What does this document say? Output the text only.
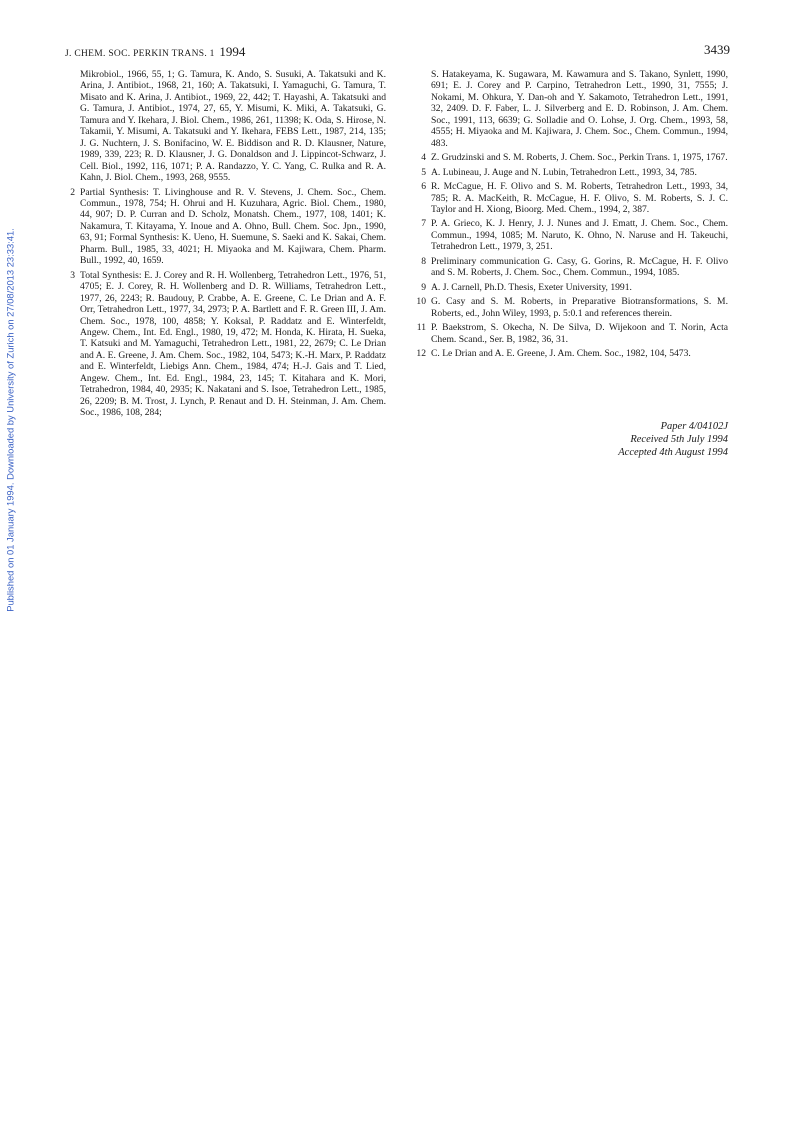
Published on 01 January 1994. Downloaded by University of Zurich on 27/08/2013 23:33:41.
J. CHEM. SOC. PERKIN TRANS. 1 1994	3439

Mikrobiol., 1966, 55, 1; G. Tamura, K. Ando, S. Susuki, A. Takatsuki and K. Arina, J. Antibiot., 1968, 21, 160; A. Takatsuki, I. Yamaguchi, G. Tamura, T. Misato and K. Arina, J. Antibiot., 1969, 22, 442; T. Hayashi, A. Takatsuki and G. Tamura, J. Antibiot., 1974, 27, 65, Y. Misumi, K. Miki, A. Takatsuki, G. Tamura and Y. Ikehara, J. Biol. Chem., 1986, 261, 11398; K. Oda, S. Hirose, N. Takamii, Y. Misumi, A. Takatsuki and Y. Ikehara, FEBS Lett., 1987, 214, 135; J. G. Nuchtern, J. S. Bonifacino, W. E. Biddison and R. D. Klausner, Nature, 1989, 339, 223; R. D. Klausner, J. G. Donaldson and J. Lippincot-Schwarz, J. Cell. Biol., 1992, 116, 1071; P. A. Randazzo, Y. C. Yang, C. Rulka and R. A. Kahn, J. Biol. Chem., 1993, 268, 9555.

2 Partial Synthesis: T. Livinghouse and R. V. Stevens, J. Chem. Soc., Chem. Commun., 1978, 754; H. Ohrui and H. Kuzuhara, Agric. Biol. Chem., 1980, 44, 907; D. P. Curran and D. Scholz, Monatsh. Chem., 1977, 108, 1401; K. Nakamura, T. Kitayama, Y. Inoue and A. Ohno, Bull. Chem. Soc. Jpn., 1990, 63, 91; Formal Synthesis: K. Ueno, H. Suemune, S. Saeki and K. Sakai, Chem. Pharm. Bull., 1985, 33, 4021; H. Miyaoka and M. Kajiwara, Chem. Pharm. Bull., 1992, 40, 1659.

3 Total Synthesis: E. J. Corey and R. H. Wollenberg, Tetrahedron Lett., 1976, 51, 4705; E. J. Corey, R. H. Wollenberg and D. R. Williams, Tetrahedron Lett., 1977, 26, 2243; R. Baudouy, P. Crabbe, A. E. Greene, C. Le Drian and A. F. Orr, Tetrahedron Lett., 1977, 34, 2973; P. A. Bartlett and F. R. Green III, J. Am. Chem. Soc., 1978, 100, 4858; Y. Koksal, P. Raddatz and E. Winterfeldt, Angew. Chem., Int. Ed. Engl., 1980, 19, 472; M. Honda, K. Hirata, H. Sueka, T. Katsuki and M. Yamaguchi, Tetrahedron Lett., 1981, 22, 2679; C. Le Drian and A. E. Greene, J. Am. Chem. Soc., 1982, 104, 5473; K.-H. Marx, P. Raddatz and E. Winterfeldt, Liebigs Ann. Chem., 1984, 474; H.-J. Gais and T. Lied, Angew. Chem., Int. Ed. Engl., 1984, 23, 145; T. Kitahara and K. Mori, Tetrahedron, 1984, 40, 2935; K. Nakatani and S. Isoe, Tetrahedron Lett., 1985, 26, 2209; B. M. Trost, J. Lynch, P. Renaut and D. H. Steinman, J. Am. Chem. Soc., 1986, 108, 284;

S. Hatakeyama, K. Sugawara, M. Kawamura and S. Takano, Synlett, 1990, 691; E. J. Corey and P. Carpino, Tetrahedron Lett., 1990, 31, 7555; J. Nokami, M. Ohkura, Y. Dan-oh and Y. Sakamoto, Tetrahedron Lett., 1991, 32, 2409. D. F. Faber, L. J. Silverberg and E. D. Robinson, J. Am. Chem. Soc., 1991, 113, 6639; G. Solladie and O. Lohse, J. Org. Chem., 1993, 58, 4555; H. Miyaoka and M. Kajiwara, J. Chem. Soc., Chem. Commun., 1994, 483.

4 Z. Grudzinski and S. M. Roberts, J. Chem. Soc., Perkin Trans. 1, 1975, 1767.

5 A. Lubineau, J. Auge and N. Lubin, Tetrahedron Lett., 1993, 34, 785.

6 R. McCague, H. F. Olivo and S. M. Roberts, Tetrahedron Lett., 1993, 34, 785; R. A. MacKeith, R. McCague, H. F. Olivo, S. M. Roberts, S. J. C. Taylor and H. Xiong, Bioorg. Med. Chem., 1994, 2, 387.

7 P. A. Grieco, K. J. Henry, J. J. Nunes and J. Ematt, J. Chem. Soc., Chem. Commun., 1994, 1085; M. Naruto, K. Ohno, N. Naruse and H. Takeuchi, Tetrahedron Lett., 1979, 3, 251.

8 Preliminary communication G. Casy, G. Gorins, R. McCague, H. F. Olivo and S. M. Roberts, J. Chem. Soc., Chem. Commun., 1994, 1085.

9 A. J. Carnell, Ph.D. Thesis, Exeter University, 1991.

10 G. Casy and S. M. Roberts, in Preparative Biotransformations, S. M. Roberts, ed., John Wiley, 1993, p. 5:0.1 and references therein.

11 P. Baekstrom, S. Okecha, N. De Silva, D. Wijekoon and T. Norin, Acta Chem. Scand., Ser. B, 1982, 36, 31.

12 C. Le Drian and A. E. Greene, J. Am. Chem. Soc., 1982, 104, 5473.

Paper 4/04102J
Received 5th July 1994
Accepted 4th August 1994
